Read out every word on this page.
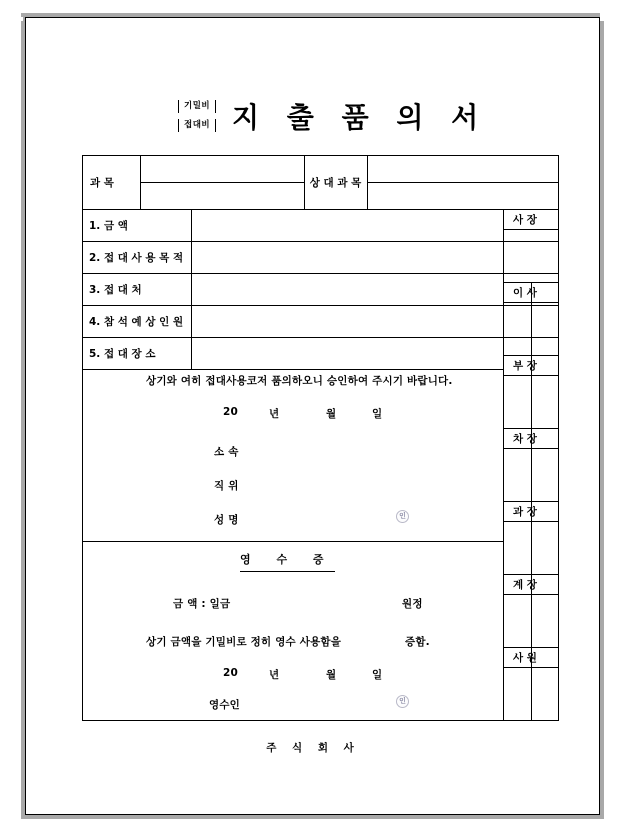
기밀비
접대비 지 출 품 의 서
과 목	상 대 과 목
1. 금 액
2. 접 대 사 용 목 적
3. 접 대 처
4. 참 석 예 상 인 원
5. 접 대 장 소
사 장
이 사
부 장
차 장
과 장
계 장
사 원
상기와 여히 접대사용코저 품의하오니 승인하여 주시기 바랍니다.
20	년	월	일
소 속
직 위
성 명	인
금 액 : 일금	원정
상기 금액을 기밀비로 정히 영수 사용함을	증함.
20	년	월	일
영수인	인
영 수 증
주 식 회 사
